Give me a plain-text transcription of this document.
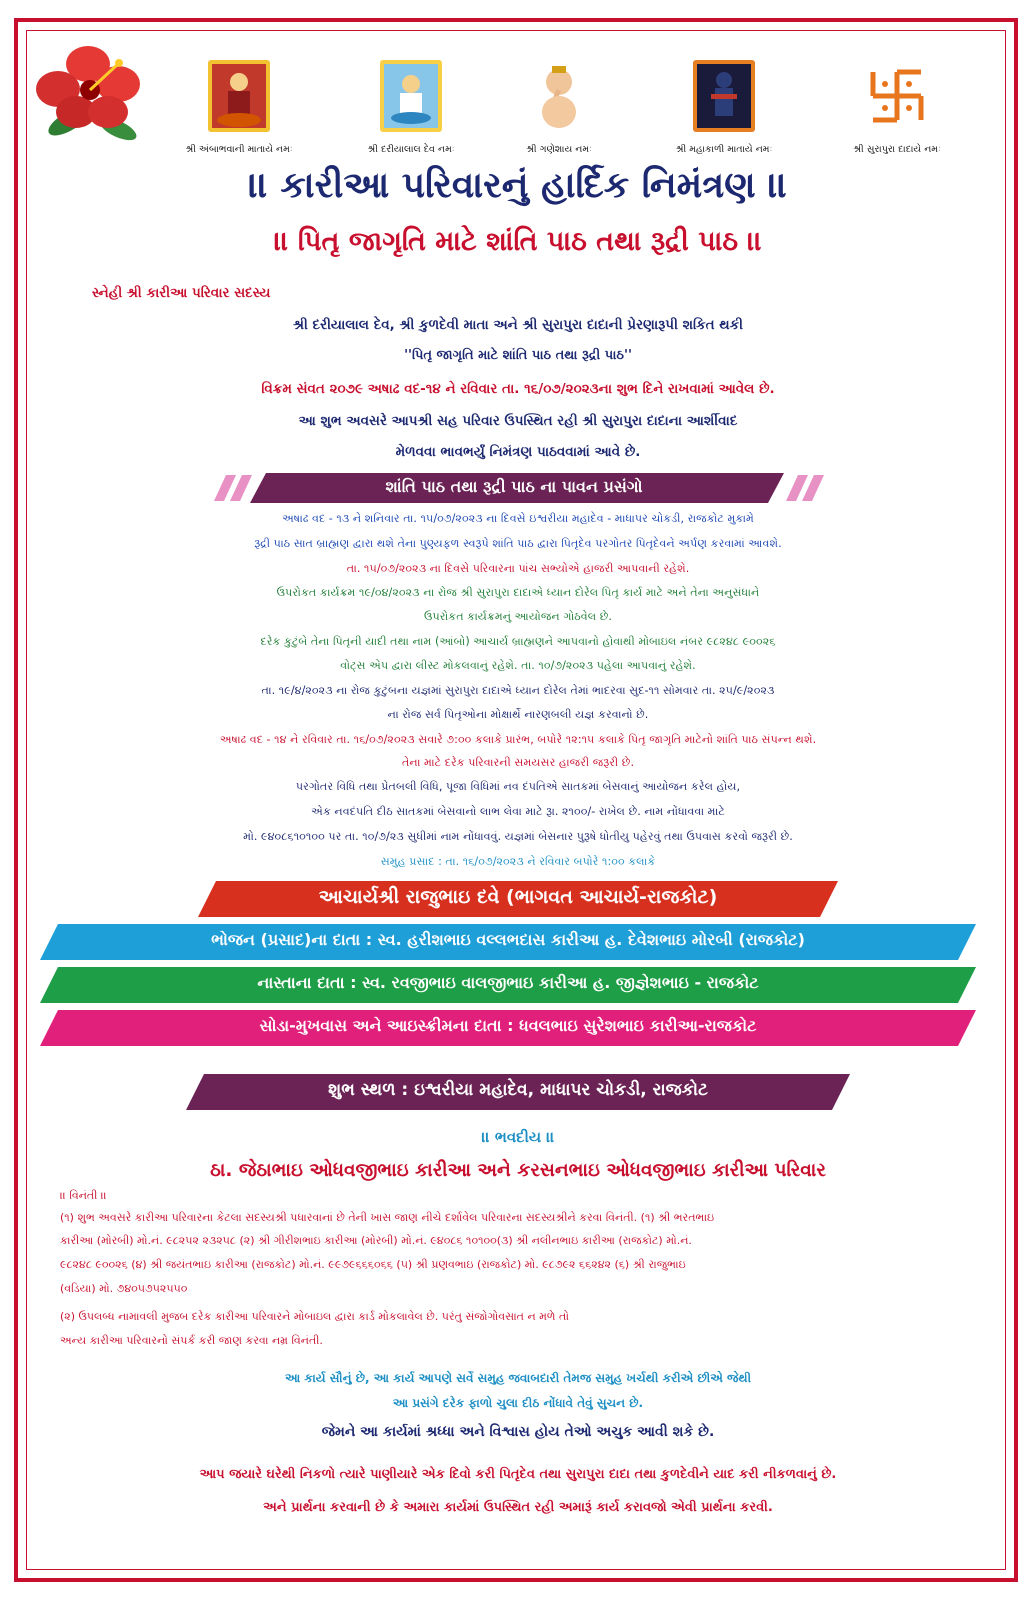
શ્રી અંબાભવાની માતાયે નમઃ	શ્રી દરીયાલાલ દેવ નમઃ	શ્રી ગણેશાય નમઃ	શ્રી મહાકાળી માતાયે નમઃ	શ્રી સુરાપુરા દાદાયે નમઃ
।। કારીઆ પરિવારનું હાર્દિક નિમંત્રણ ।।
।। પિતૃ જાગૃતિ માટે શાંતિ પાઠ તથા રૂદ્રી પાઠ ।।
સ્નેહી શ્રી કારીઆ પરિવાર સદસ્ય
શ્રી દરીયાલાલ દેવ, શ્રી કુળદેવી માતા અને શ્રી સુરાપુરા દાદાની પ્રેરણારૂપી શકિત થકી
''પિતૃ જાગૃતિ માટે શાંતિ પાઠ તથા રૂદ્રી પાઠ''
વિક્રમ સંવત ૨૦૭૯ અષાઢ વદ-૧૪ ને રવિવાર તા. ૧૬/૦૭/૨૦૨૩ના શુભ દિને રાખવામાં આવેલ છે.
આ શુભ અવસરે આપશ્રી સહ પરિવાર ઉપસ્થિત રહી શ્રી સુરાપુરા દાદાના આર્શીવાદ
મેળવવા ભાવભર્યું નિમંત્રણ પાઠવવામાં આવે છે.
શાંતિ પાઠ તથા રૂદ્રી પાઠ ના પાવન પ્રસંગો
અષાઢ વદ - ૧૩ ને શનિવાર તા. ૧૫/૦૭/૨૦૨૩ ના દિવસે ઇશ્વરીયા મહાદેવ - માધાપર ચોકડી, રાજકોટ મુકામે
રૂદ્રી પાઠ સાત બ્રાહ્મણ દ્વારા થશે તેના પુણ્યફળ સ્વરૂપે શાંતિ પાઠ દ્વારા પિતૃદેવ પરગોતર પિતૃદેવને અર્પણ કરવામાં આવશે.
તા. ૧૫/૦૭/૨૦૨૩ ના દિવસે પરિવારના પાંચ સભ્યોએ હાજરી આપવાની રહેશે.
ઉપરોકત કાર્યક્રમ ૧૯/૦૪/૨૦૨૩ ના રોજ શ્રી સુરાપુરા દાદાએ ધ્યાન દોરેલ પિતૃ કાર્ય માટે અને તેના અનુસંધાને
ઉપરોકત કાર્યક્રમનું આયોજન ગોઠવેલ છે.
દરેક કુટુંબે તેના પિતૃની યાદી તથા નામ (આંબો) આચાર્ય બ્રાહ્મણને આપવાનો હોવાથી મોબાઇલ નંબર ૯૮૨૪૮ ૯૦૦૨૬
વોટ્સ એપ દ્વારા લીસ્ટ મોકલવાનું રહેશે. તા. ૧૦/૭/૨૦૨૩ પહેલા આપવાનું રહેશે.
તા. ૧૯/૪/૨૦૨૩ ના રોજ કુટુંબના યજ્ઞમાં સુરાપુરા દાદાએ ધ્યાન દોરેલ તેમાં ભાદરવા સુદ-૧૧ સોમવાર તા. ૨૫/૯/૨૦૨૩
ના રોજ સર્વ પિતૃઓના મોક્ષાર્થે નારણબલી યજ્ઞ કરવાનો છે.
અષાઢ વદ - ૧૪ ને રવિવાર તા. ૧૬/૦૭/૨૦૨૩ સવારે ૭:૦૦ કલાકે પ્રારંભ, બપોરે ૧૨:૧૫ કલાકે પિતૃ જાગૃતિ માટેનો શાંતિ પાઠ સંપન્ન થશે.
તેના માટે દરેક પરિવારની સમયસર હાજરી જરૂરી છે.
પરગોતર વિધિ તથા પ્રેતબલી વિધિ, પૂજા વિધિમાં નવ દંપતિએ સાતકમાં બેસવાનું આયોજન કરેલ હોય,
એક નવદંપતિ દીઠ સાતકમાં બેસવાનો લાભ લેવા માટે રૂા. ૨૧૦૦/- રાખેલ છે. નામ નોંધાવવા માટે
મો. ૯૪૦૮૬૧૦૧૦૦ પર તા. ૧૦/૭/૨૩ સુધીમાં નામ નોંધાવવું. યજ્ઞમાં બેસનાર પુરૂષે ધોતીયુ પહેરવું તથા ઉપવાસ કરવો જરૂરી છે.
સમુહ પ્રસાદ : તા. ૧૬/૦૭/૨૦૨૩ ને રવિવાર બપોરે ૧:૦૦ કલાકે
આચાર્યશ્રી રાજુભાઇ દવે (ભાગવત આચાર્ય-રાજકોટ)
ભોજન (પ્રસાદ)ના દાતા : સ્વ. હરીશભાઇ વલ્લભદાસ કારીઆ હ. દેવેશભાઇ મોરબી (રાજકોટ)
નાસ્તાના દાતા : સ્વ. રવજીભાઇ વાલજીભાઇ કારીઆ હ. જીજ્ઞેશભાઇ - રાજકોટ
સોડા-મુખવાસ અને આઇસ્ક્રીમના દાતા : ધવલભાઇ સુરેશભાઇ કારીઆ-રાજકોટ
શુભ સ્થળ : ઇશ્વરીયા મહાદેવ, માધાપર ચોકડી, રાજકોટ
।। ભવદીય ।।
ઠા. જેઠાભાઇ ઓધવજીભાઇ કારીઆ અને કરસનભાઇ ઓધવજીભાઇ કારીઆ પરિવાર
।। વિનંતી ।।
(૧) શુભ અવસરે કારીઆ પરિવારના કેટલા સદસ્યશ્રી પધારવાનાં છે તેની ખાસ જાણ નીચે દર્શાવેલ પરિવારના સદસ્યશ્રીને કરવા વિનંતી. (૧) શ્રી ભરતભાઇ
કારીઆ (મોરબી) મો.નં. ૯૮૨૫૨ ૨૩૨૫૮ (૨) શ્રી ગીરીશભાઇ કારીઆ (મોરબી) મો.નં. ૯૪૦૮૬ ૧૦૧૦૦(૩) શ્રી નલીનભાઇ કારીઆ (રાજકોટ) મો.નં.
૯૮૨૪૮ ૯૦૦૨૬ (૪) શ્રી જયંતભાઇ કારીઆ (રાજકોટ) મો.નં. ૯૯૭૯૬૬૬૦૬૬ (૫) શ્રી પ્રણવભાઇ (રાજકોટ) મો. ૯૮૭૯૨ ૬૬૨૪૨ (૬) શ્રી રાજુભાઇ
(વડિયા) મો. ૭૪૦૫૭૫૨૫૫૦
(૨) ઉપલબ્ધ નામાવલી મુજબ દરેક કારીઆ પરિવારને મોબાઇલ દ્વારા કાર્ડ મોકલાવેલ છે. પરંતુ સંજોગોવસાત ન મળે તો
અન્ય કારીઆ પરિવારનો સંપર્ક કરી જાણ કરવા નમ્ર વિનંતી.
આ કાર્ય સૌનું છે, આ કાર્ય આપણે સર્વે સમુહ જવાબદારી તેમજ સમુહ ખર્ચથી કરીએ છીએ જેથી
આ પ્રસંગે દરેક ફાળો ચુલા દીઠ નોંધાવે તેવું સુચન છે.
જેમને આ કાર્યમાં શ્રધ્ધા અને વિશ્વાસ હોય તેઓ અચુક આવી શકે છે.
આપ જયારે ઘરેથી નિકળો ત્યારે પાણીયારે એક દિવો કરી પિતૃદેવ તથા સુરાપુરા દાદા તથા કુળદેવીને યાદ કરી નીકળવાનું છે.
અને પ્રાર્થના કરવાની છે કે અમારા કાર્યમાં ઉપસ્થિત રહી અમારૂં કાર્ય કરાવજો એવી પ્રાર્થના કરવી.
